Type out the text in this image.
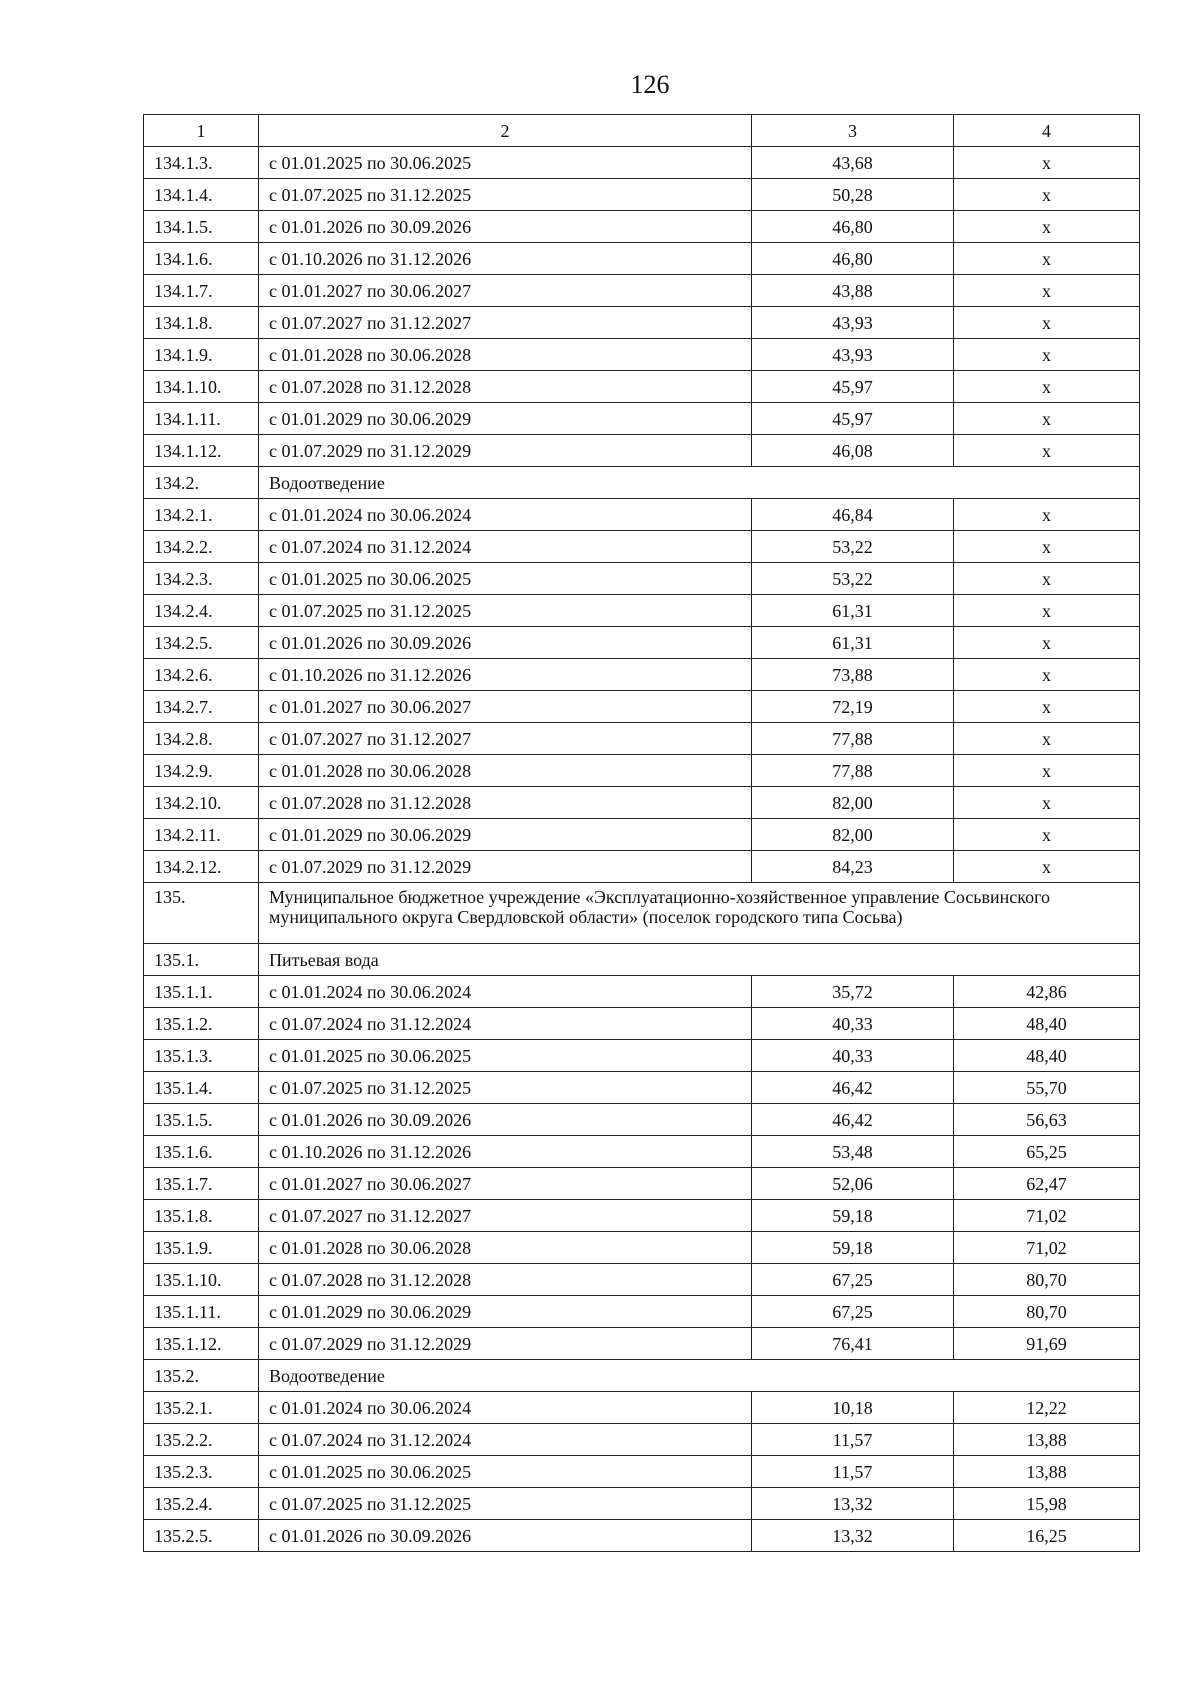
126
1	2	3	4
134.1.3.	с 01.01.2025 по 30.06.2025	43,68	х
134.1.4.	с 01.07.2025 по 31.12.2025	50,28	х
134.1.5.	с 01.01.2026 по 30.09.2026	46,80	х
134.1.6.	с 01.10.2026 по 31.12.2026	46,80	х
134.1.7.	с 01.01.2027 по 30.06.2027	43,88	х
134.1.8.	с 01.07.2027 по 31.12.2027	43,93	х
134.1.9.	с 01.01.2028 по 30.06.2028	43,93	х
134.1.10.	с 01.07.2028 по 31.12.2028	45,97	х
134.1.11.	с 01.01.2029 по 30.06.2029	45,97	х
134.1.12.	с 01.07.2029 по 31.12.2029	46,08	х
134.2.	Водоотведение		
134.2.1.	с 01.01.2024 по 30.06.2024	46,84	х
134.2.2.	с 01.07.2024 по 31.12.2024	53,22	х
134.2.3.	с 01.01.2025 по 30.06.2025	53,22	х
134.2.4.	с 01.07.2025 по 31.12.2025	61,31	х
134.2.5.	с 01.01.2026 по 30.09.2026	61,31	х
134.2.6.	с 01.10.2026 по 31.12.2026	73,88	х
134.2.7.	с 01.01.2027 по 30.06.2027	72,19	х
134.2.8.	с 01.07.2027 по 31.12.2027	77,88	х
134.2.9.	с 01.01.2028 по 30.06.2028	77,88	х
134.2.10.	с 01.07.2028 по 31.12.2028	82,00	х
134.2.11.	с 01.01.2029 по 30.06.2029	82,00	х
134.2.12.	с 01.07.2029 по 31.12.2029	84,23	х
135.	Муниципальное бюджетное учреждение «Эксплуатационно-хозяйственное управление Сосьвинского муниципального округа Свердловской области» (поселок городского типа Сосьва)		
135.1.	Питьевая вода		
135.1.1.	с 01.01.2024 по 30.06.2024	35,72	42,86
135.1.2.	с 01.07.2024 по 31.12.2024	40,33	48,40
135.1.3.	с 01.01.2025 по 30.06.2025	40,33	48,40
135.1.4.	с 01.07.2025 по 31.12.2025	46,42	55,70
135.1.5.	с 01.01.2026 по 30.09.2026	46,42	56,63
135.1.6.	с 01.10.2026 по 31.12.2026	53,48	65,25
135.1.7.	с 01.01.2027 по 30.06.2027	52,06	62,47
135.1.8.	с 01.07.2027 по 31.12.2027	59,18	71,02
135.1.9.	с 01.01.2028 по 30.06.2028	59,18	71,02
135.1.10.	с 01.07.2028 по 31.12.2028	67,25	80,70
135.1.11.	с 01.01.2029 по 30.06.2029	67,25	80,70
135.1.12.	с 01.07.2029 по 31.12.2029	76,41	91,69
135.2.	Водоотведение		
135.2.1.	с 01.01.2024 по 30.06.2024	10,18	12,22
135.2.2.	с 01.07.2024 по 31.12.2024	11,57	13,88
135.2.3.	с 01.01.2025 по 30.06.2025	11,57	13,88
135.2.4.	с 01.07.2025 по 31.12.2025	13,32	15,98
135.2.5.	с 01.01.2026 по 30.09.2026	13,32	16,25
